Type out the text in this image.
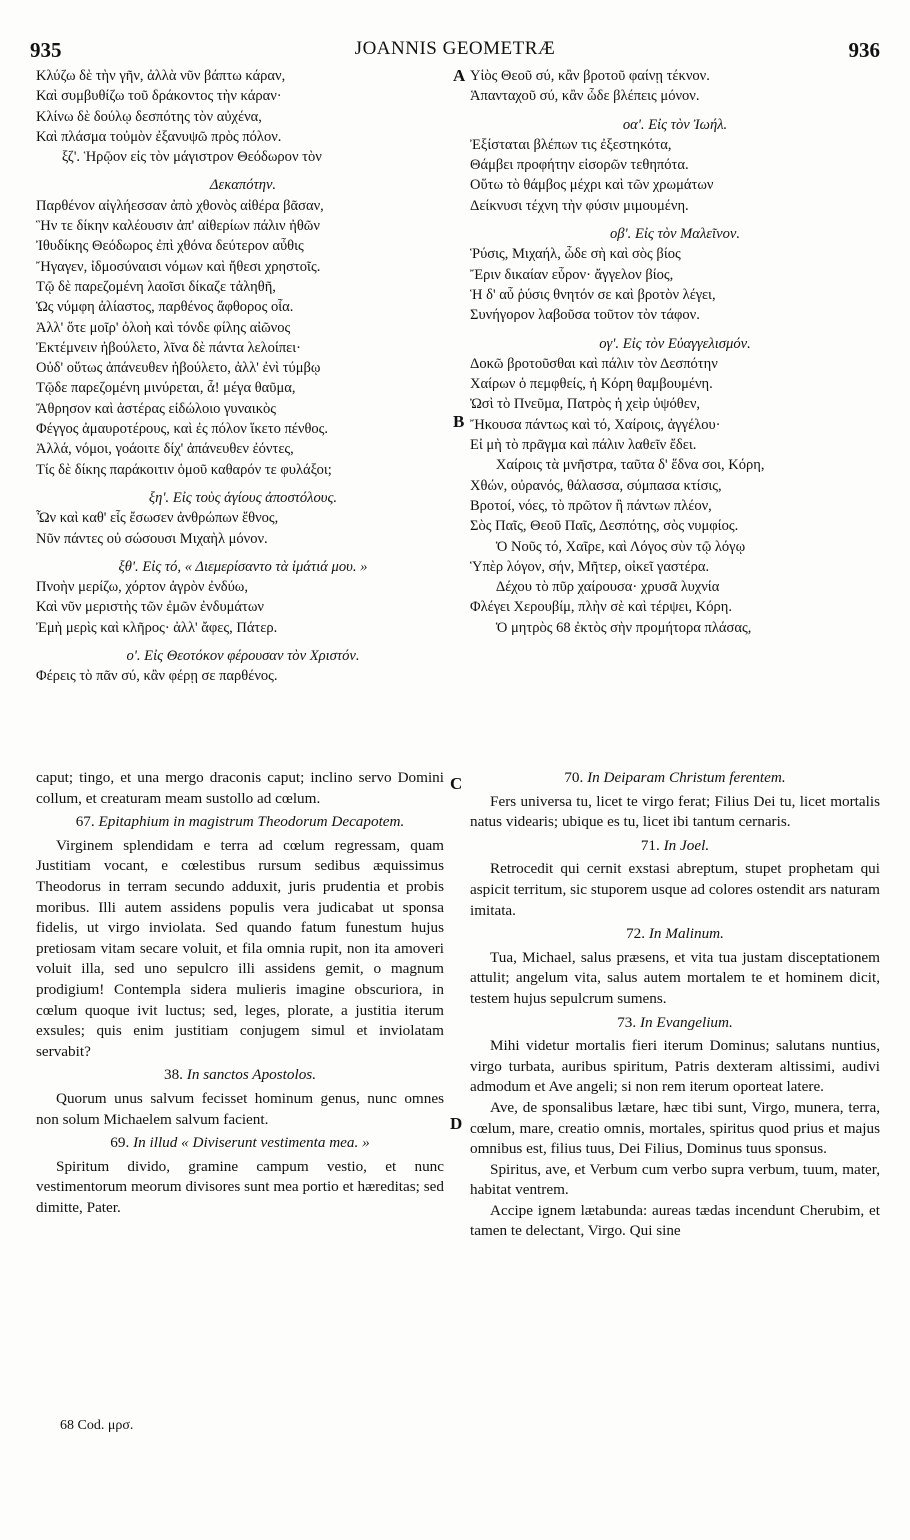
935	JOANNIS GEOMETRÆ	936
Κλύζω δὲ τὴν γῆν, ἀλλὰ νῦν βάπτω κάραν,
Καὶ συμβυθίζω τοῦ δράκοντος τὴν κάραν·
Κλίνω δὲ δούλῳ δεσπότης τὸν αὐχένα,
Καὶ πλάσμα τοὐμὸν ἐξανυψῶ πρὸς πόλον.
ξζ'. Ἡρῷον εἰς τὸν μάγιστρον Θεόδωρον τὸν
Δεκαπότην.
Παρθένον αἰγλήεσσαν ἀπὸ χθονὸς αἰθέρα βᾶσαν,
Ἣν τε δίκην καλέουσιν ἀπ' αἰθερίων πάλιν ἠθῶν
Ἰθυδίκης Θεόδωρος ἐπὶ χθόνα δεύτερον αὖθις
Ἤγαγεν, ἰδμοσύναισι νόμων καὶ ἤθεσι χρηστοῖς.
Τῷ δὲ παρεζομένη λαοῖσι δίκαζε τἀληθῆ,
Ὡς νύμφη ἀλίαστος, παρθένος ἄφθορος οἷα.
Ἀλλ' ὅτε μοῖρ' ὀλοὴ καὶ τόνδε φίλης αἰῶνος
Ἐκτέμνειν ἠβούλετο, λῖνα δὲ πάντα λελοίπει·
Οὐδ' οὕτως ἀπάνευθεν ἠβούλετο, ἀλλ' ἐνὶ τύμβῳ
Τῷδε παρεζομένη μινύρεται, ἆ! μέγα θαῦμα,
Ἄθρησον καὶ ἀστέρας εἰδώλοιο γυναικὸς
Φέγγος ἀμαυροτέρους, καὶ ἐς πόλον ἵκετο πένθος.
Ἀλλά, νόμοι, γοάοιτε δίχ' ἀπάνευθεν ἐόντες,
Τίς δὲ δίκης παράκοιτιν ὁμοῦ καθαρόν τε φυλάξοι;
ξη'. Εἰς τοὺς ἁγίους ἀποστόλους.
Ὧν καὶ καθ' εἷς ἔσωσεν ἀνθρώπων ἔθνος,
Νῦν πάντες οὐ σώσουσι Μιχαὴλ μόνον.
ξθ'. Εἰς τό, « Διεμερίσαντο τὰ ἱμάτιά μου. »
Πνοὴν μερίζω, χόρτον ἀγρὸν ἐνδύω,
Καὶ νῦν μεριστὴς τῶν ἐμῶν ἐνδυμάτων
Ἐμὴ μερὶς καὶ κλῆρος· ἀλλ' ἄφες, Πάτερ.
ο'. Εἰς Θεοτόκον φέρουσαν τὸν Χριστόν.
Φέρεις τὸ πᾶν σύ, κἂν φέρῃ σε παρθένος.
Υἱὸς Θεοῦ σύ, κἂν βροτοῦ φαίνῃ τέκνον.
Ἁπανταχοῦ σύ, κἂν ὧδε βλέπεις μόνον.
οα'. Εἰς τὸν Ἰωήλ.
Ἐξίσταται βλέπων τις ἐξεστηκότα,
Θάμβει προφήτην εἰσορῶν τεθηπότα.
Οὕτω τὸ θάμβος μέχρι καὶ τῶν χρωμάτων
Δείκνυσι τέχνη τὴν φύσιν μιμουμένη.
οβ'. Εἰς τὸν Μαλεῖνον.
Ῥύσις, Μιχαήλ, ὧδε σὴ καὶ σὸς βίος
Ἔριν δικαίαν εὗρον· ἄγγελον βίος,
Ἡ δ' αὖ ῥύσις θνητόν σε καὶ βροτὸν λέγει,
Συνήγορον λαβοῦσα τοῦτον τὸν τάφον.
ογ'. Εἰς τὸν Εὐαγγελισμόν.
Δοκῶ βροτοῦσθαι καὶ πάλιν τὸν Δεσπότην
Χαίρων ὁ πεμφθείς, ἡ Κόρη θαμβουμένη.
Ὠσὶ τὸ Πνεῦμα, Πατρὸς ἡ χεὶρ ὑψόθεν,
Ἤκουσα πάντως καὶ τό, Χαίροις, ἀγγέλου·
Εἰ μὴ τὸ πρᾶγμα καὶ πάλιν λαθεῖν ἔδει.
Χαίροις τὰ μνῆστρα, ταῦτα δ' ἕδνα σοι, Κόρη,
Χθών, οὐρανός, θάλασσα, σύμπασα κτίσις,
Βροτοί, νόες, τὸ πρῶτον ἢ πάντων πλέον,
Σὸς Παῖς, Θεοῦ Παῖς, Δεσπότης, σὸς νυμφίος.
Ὁ Νοῦς τό, Χαῖρε, καὶ Λόγος σὺν τῷ λόγῳ
Ὑπὲρ λόγον, σήν, Μῆτερ, οἰκεῖ γαστέρα.
Δέχου τὸ πῦρ χαίρουσα· χρυσᾶ λυχνία
Φλέγει Χερουβίμ, πλὴν σὲ καὶ τέρψει, Κόρη.
Ὁ μητρὸς 68 ἐκτὸς σὴν προμήτορα πλάσας,
A
B
C
D

caput; tingo, et una mergo draconis caput; inclino servo Domini collum, et creaturam meam sustollo ad cœlum.

67. Epitaphium in magistrum Theodorum Decapotem.

Virginem splendidam e terra ad cœlum regressam, quam Justitiam vocant, e cœlestibus rursum sedibus æquissimus Theodorus in terram secundo adduxit, juris prudentia et probis moribus. Illi autem assidens populis vera judicabat ut sponsa fidelis, ut virgo inviolata. Sed quando fatum funestum hujus pretiosam vitam secare voluit, et fila omnia rupit, non ita amoveri voluit illa, sed uno sepulcro illi assidens gemit, o magnum prodigium! Contempla sidera mulieris imagine obscuriora, in cœlum quoque ivit luctus; sed, leges, plorate, a justitia iterum exsules; quis enim justitiam conjugem simul et inviolatam servabit?

38. In sanctos Apostolos.

Quorum unus salvum fecisset hominum genus, nunc omnes non solum Michaelem salvum facient.

69. In illud « Diviserunt vestimenta mea. »

Spiritum divido, gramine campum vestio, et nunc vestimentorum meorum divisores sunt mea portio et hæreditas; sed dimitte, Pater.

70. In Deiparam Christum ferentem.

Fers universa tu, licet te virgo ferat; Filius Dei tu, licet mortalis natus videaris; ubique es tu, licet ibi tantum cernaris.

71. In Joel.

Retrocedit qui cernit exstasi abreptum, stupet prophetam qui aspicit territum, sic stuporem usque ad colores ostendit ars naturam imitata.

72. In Malinum.

Tua, Michael, salus præsens, et vita tua justam disceptationem attulit; angelum vita, salus autem mortalem te et hominem dicit, testem hujus sepulcrum sumens.

73. In Evangelium.

Mihi videtur mortalis fieri iterum Dominus; salutans nuntius, virgo turbata, auribus spiritum, Patris dexteram altissimi, audivi admodum et Ave angeli; si non rem iterum oporteat latere.

Ave, de sponsalibus lætare, hæc tibi sunt, Virgo, munera, terra, cœlum, mare, creatio omnis, mortales, spiritus quod prius et majus omnibus est, filius tuus, Dei Filius, Dominus tuus sponsus.

Spiritus, ave, et Verbum cum verbo supra verbum, tuum, mater, habitat ventrem.

Accipe ignem lætabunda: aureas tædas incendunt Cherubim, et tamen te delectant, Virgo. Qui sine

68 Cod. μρσ.
